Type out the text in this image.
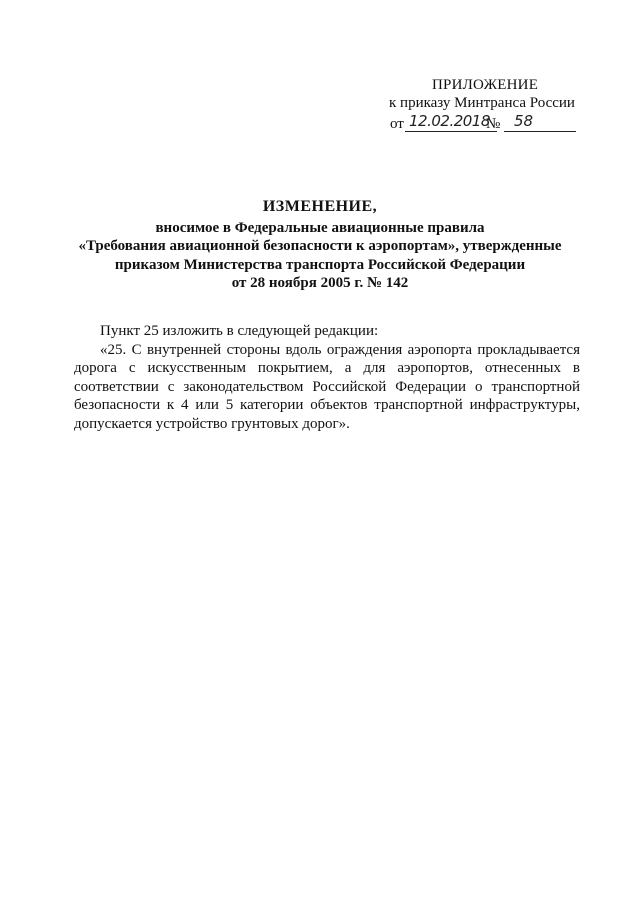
ПРИЛОЖЕНИЕ
к приказу Минтранса России
от 12.02.2018
№ 58
ИЗМЕНЕНИЕ,
вносимое в Федеральные авиационные правила
«Требования авиационной безопасности к аэропортам», утвержденные
приказом Министерства транспорта Российской Федерации
от 28 ноября 2005 г. № 142

Пункт 25 изложить в следующей редакции:

«25. С внутренней стороны вдоль ограждения аэропорта прокладывается дорога с искусственным покрытием, а для аэропортов, отнесенных в соответствии с законодательством Российской Федерации о транспортной безопасности к 4 или 5 категории объектов транспортной инфраструктуры, допускается устройство грунтовых дорог».
